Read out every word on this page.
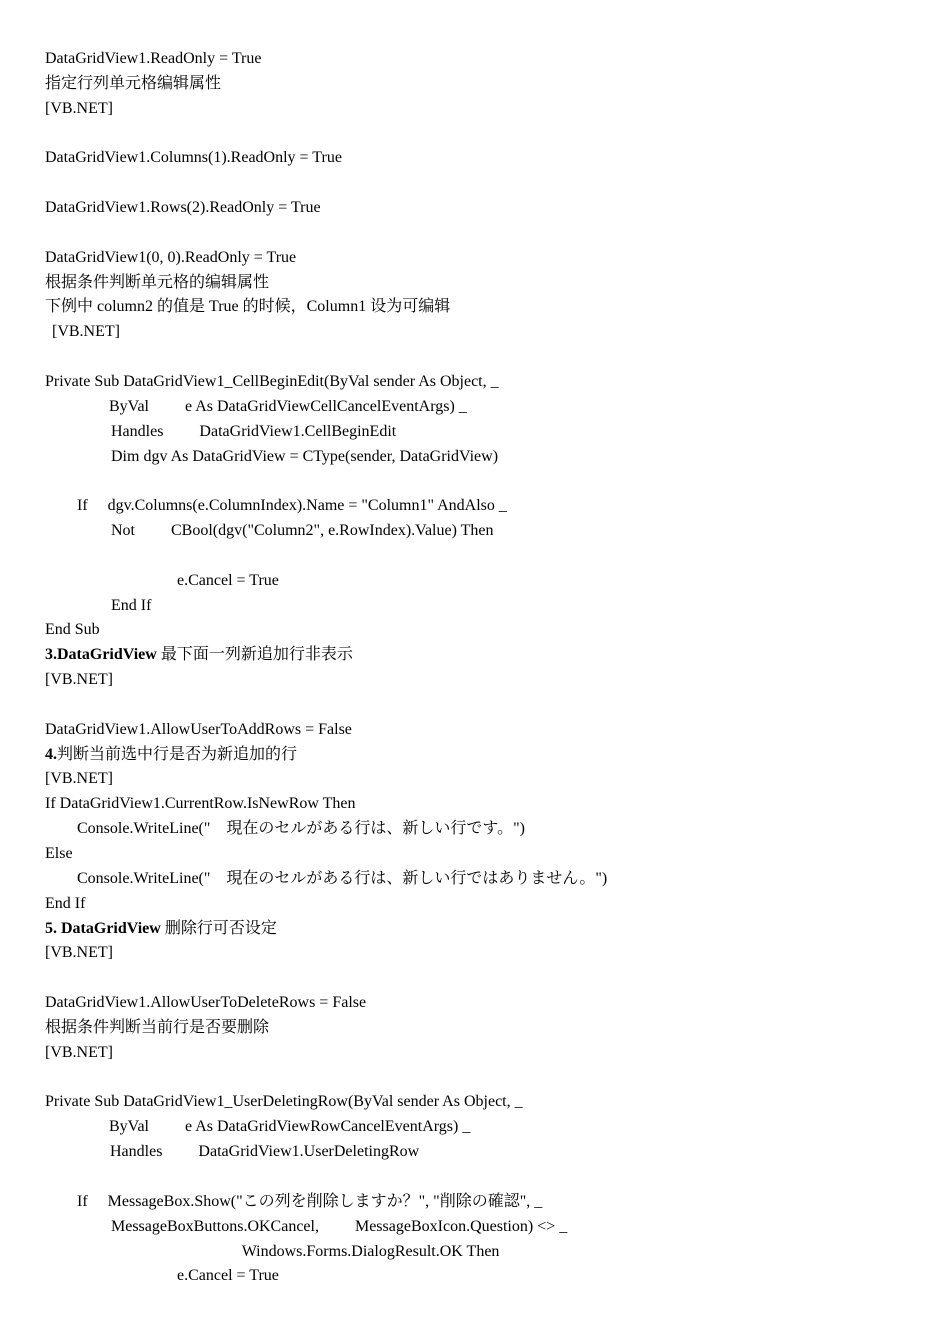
DataGridView1.ReadOnly = True
指定行列单元格编辑属性
[VB.NET]
DataGridView1.Columns(1).ReadOnly = True
DataGridView1.Rows(2).ReadOnly = True
DataGridView1(0, 0).ReadOnly = True
根据条件判断单元格的编辑属性
下例中 column2 的值是 True 的时候，Column1 设为可编辑
[VB.NET]
Private Sub DataGridView1_CellBeginEdit(ByVal sender As Object, _
ByVal         e As DataGridViewCellCancelEventArgs) _
Handles         DataGridView1.CellBeginEdit
Dim dgv As DataGridView = CType(sender, DataGridView)
If     dgv.Columns(e.ColumnIndex).Name = "Column1" AndAlso _
Not         CBool(dgv("Column2", e.RowIndex).Value) Then
e.Cancel = True
End If
End Sub
3.DataGridView 最下面一列新追加行非表示
[VB.NET]
DataGridView1.AllowUserToAddRows = False
4.判断当前选中行是否为新追加的行
[VB.NET]
If DataGridView1.CurrentRow.IsNewRow Then
Console.WriteLine("    現在のセルがある行は、新しい行です。")
Else
Console.WriteLine("    現在のセルがある行は、新しい行ではありません。")
End If
5. DataGridView 删除行可否设定
[VB.NET]
DataGridView1.AllowUserToDeleteRows = False
根据条件判断当前行是否要删除
[VB.NET]
Private Sub DataGridView1_UserDeletingRow(ByVal sender As Object, _
ByVal         e As DataGridViewRowCancelEventArgs) _
Handles         DataGridView1.UserDeletingRow
If     MessageBox.Show("この列を削除しますか？", "削除の確認", _
MessageBoxButtons.OKCancel,         MessageBoxIcon.Question) <> _
Windows.Forms.DialogResult.OK Then
e.Cancel = True
